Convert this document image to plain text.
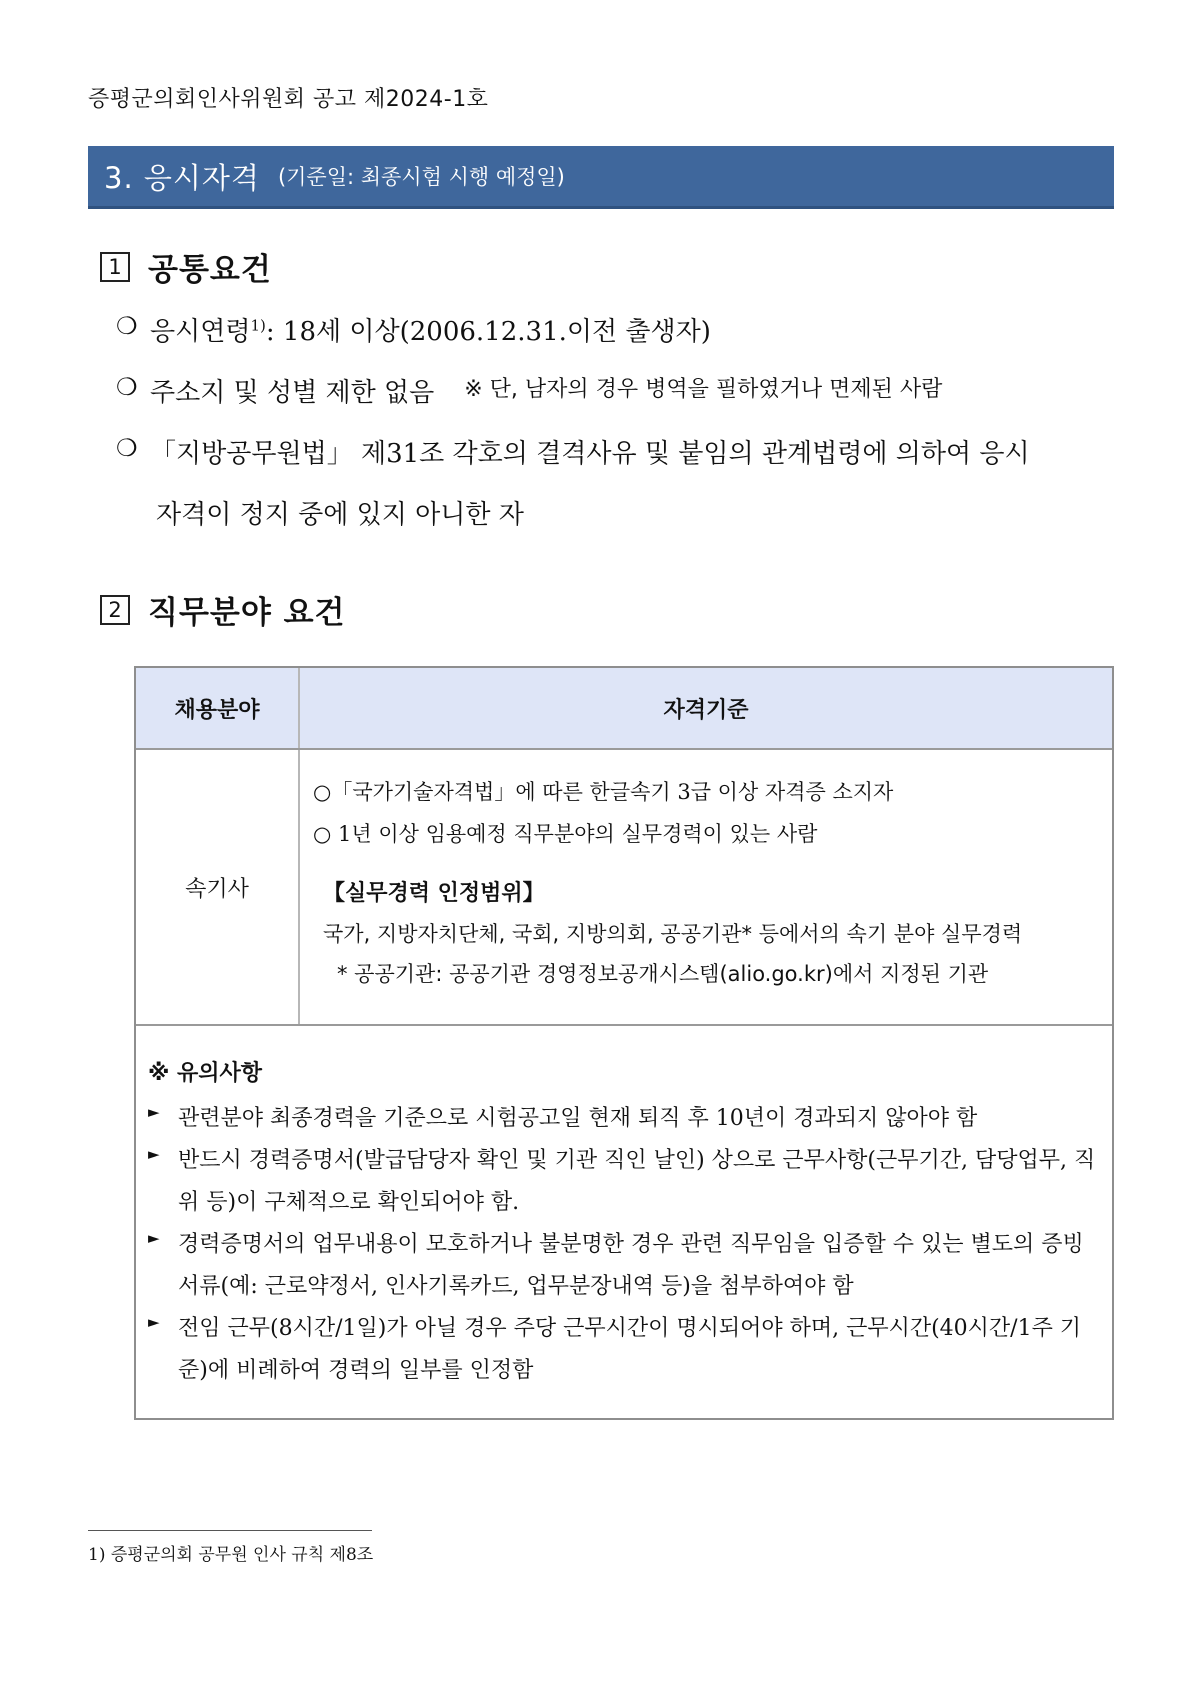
증평군의회인사위원회 공고 제2024-1호
3. 응시자격 (기준일: 최종시험 시행 예정일)
1 공통요건
❍ 응시연령$^{1)}$: 18세 이상(2006.12.31.이전 출생자)
❍ 주소지 및 성별 제한 없음 ※ 단, 남자의 경우 병역을 필하였거나 면제된 사람
❍ 「지방공무원법」 제31조 각호의 결격사유 및 붙임의 관계법령에 의하여 응시
자격이 정지 중에 있지 아니한 자
2 직무분야 요건
채용분야	자격기준
속기사
○「국가기술자격법」에 따른 한글속기 3급 이상 자격증 소지자
○ 1년 이상 임용예정 직무분야의 실무경력이 있는 사람
【실무경력 인정범위】
국가, 지방자치단체, 국회, 지방의회, 공공기관* 등에서의 속기 분야 실무경력
* 공공기관: 공공기관 경영정보공개시스템(alio.go.kr)에서 지정된 기관
※ 유의사항
► 관련분야 최종경력을 기준으로 시험공고일 현재 퇴직 후 10년이 경과되지 않아야 함
► 반드시 경력증명서(발급담당자 확인 및 기관 직인 날인) 상으로 근무사항(근무기간, 담당업무, 직위 등)이 구체적으로 확인되어야 함.
► 경력증명서의 업무내용이 모호하거나 불분명한 경우 관련 직무임을 입증할 수 있는 별도의 증빙서류(예: 근로약정서, 인사기록카드, 업무분장내역 등)을 첨부하여야 함
► 전임 근무(8시간/1일)가 아닐 경우 주당 근무시간이 명시되어야 하며, 근무시간(40시간/1주 기준)에 비례하여 경력의 일부를 인정함
1) 증평군의회 공무원 인사 규칙 제8조
